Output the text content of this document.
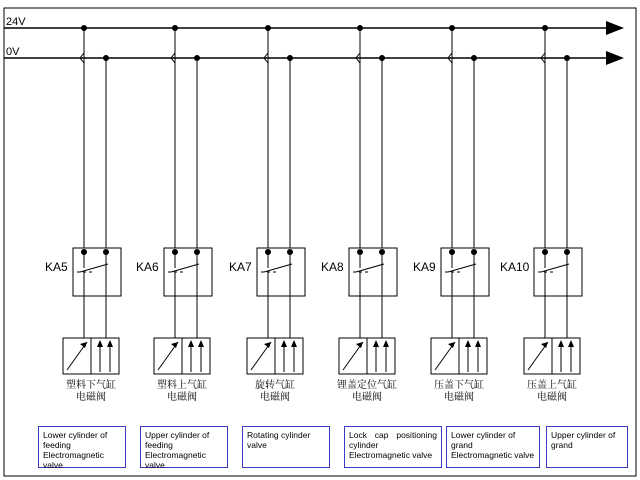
24V
0V
KA5	KA6	KA7	KA8	KA9	KA10
塑料下气缸
电磁阀
塑料上气缸
电磁阀
旋转气缸
电磁阀
锂盖定位气缸
电磁阀
压盖下气缸
电磁阀
压盖上气缸
电磁阀
Lower cylinder of feeding Electromagnetic valve
Upper cylinder of feeding Electromagnetic valve
Rotating cylinder valve
Lock cap positioning cylinder Electromagnetic valve
Lower cylinder of grand Electromagnetic valve
Upper cylinder of grand
